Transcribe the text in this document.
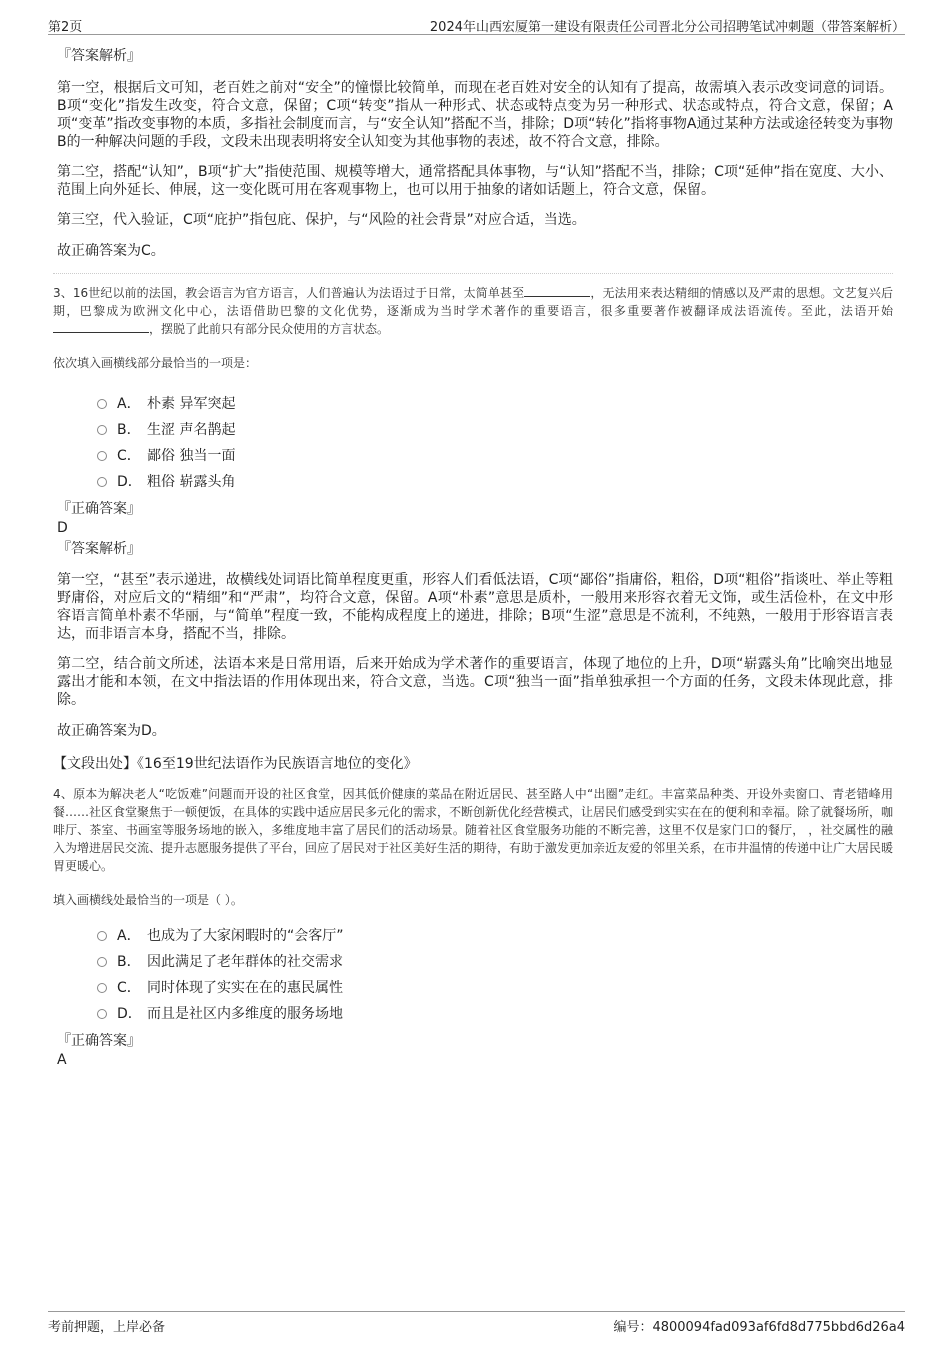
第2页	2024年山西宏厦第一建设有限责任公司晋北分公司招聘笔试冲刺题（带答案解析）
『答案解析』

第一空，根据后文可知，老百姓之前对“安全”的憧憬比较简单，而现在老百姓对安全的认知有了提高，故需填入表示改变词意的词语。B项“变化”指发生改变，符合文意，保留；C项“转变”指从一种形式、状态或特点变为另一种形式、状态或特点，符合文意，保留；A项“变革”指改变事物的本质，多指社会制度而言，与“安全认知”搭配不当，排除；D项“转化”指将事物A通过某种方法或途径转变为事物B的一种解决问题的手段，文段未出现表明将安全认知变为其他事物的表述，故不符合文意，排除。

第二空，搭配“认知”，B项“扩大”指使范围、规模等增大，通常搭配具体事物，与“认知”搭配不当，排除；C项“延伸”指在宽度、大小、范围上向外延长、伸展，这一变化既可用在客观事物上，也可以用于抽象的诸如话题上，符合文意，保留。

第三空，代入验证，C项“庇护”指包庇、保护，与“风险的社会背景”对应合适，当选。

故正确答案为C。

3、16世纪以前的法国，教会语言为官方语言，人们普遍认为法语过于日常，太简单甚至	，无法用来表达精细的情感以及严肃的思想。文艺复兴后期，巴黎成为欧洲文化中心，法语借助巴黎的文化优势，逐渐成为当时学术著作的重要语言，很多重要著作被翻译成法语流传。至此，法语开始，摆脱了此前只有部分民众使用的方言状态。

依次填入画横线部分最恰当的一项是：
A． 朴素 异军突起
B． 生涩 声名鹊起
C． 鄙俗 独当一面
D． 粗俗 崭露头角
『正确答案』
D
『答案解析』

第一空，“甚至”表示递进，故横线处词语比简单程度更重，形容人们看低法语，C项“鄙俗”指庸俗，粗俗，D项“粗俗”指谈吐、举止等粗野庸俗，对应后文的“精细”和“严肃”，均符合文意，保留。A项“朴素”意思是质朴，一般用来形容衣着无文饰，或生活俭朴，在文中形容语言简单朴素不华丽，与“简单”程度一致，不能构成程度上的递进，排除；B项“生涩”意思是不流利，不纯熟，一般用于形容语言表达，而非语言本身，搭配不当，排除。

第二空，结合前文所述，法语本来是日常用语，后来开始成为学术著作的重要语言，体现了地位的上升，D项“崭露头角”比喻突出地显露出才能和本领，在文中指法语的作用体现出来，符合文意，当选。C项“独当一面”指单独承担一个方面的任务，文段未体现此意，排除。

故正确答案为D。

【文段出处】《16至19世纪法语作为民族语言地位的变化》

4、原本为解决老人“吃饭难”问题而开设的社区食堂，因其低价健康的菜品在附近居民、甚至路人中“出圈”走红。丰富菜品种类、开设外卖窗口、青老错峰用餐……社区食堂聚焦于一顿便饭，在具体的实践中适应居民多元化的需求，不断创新优化经营模式，让居民们感受到实实在在的便利和幸福。除了就餐场所，咖啡厅、茶室、书画室等服务场地的嵌入，多维度地丰富了居民们的活动场景。随着社区食堂服务功能的不断完善，这里不仅是家门口的餐厅， ，社交属性的融入为增进居民交流、提升志愿服务提供了平台，回应了居民对于社区美好生活的期待，有助于激发更加亲近友爱的邻里关系，在市井温情的传递中让广大居民暖胃更暖心。

填入画横线处最恰当的一项是（ ）。
A． 也成为了大家闲暇时的“会客厅”
B． 因此满足了老年群体的社交需求
C． 同时体现了实实在在的惠民属性
D． 而且是社区内多维度的服务场地
『正确答案』
A
考前押题，上岸必备	编号：4800094fad093af6fd8d775bbd6d26a4
